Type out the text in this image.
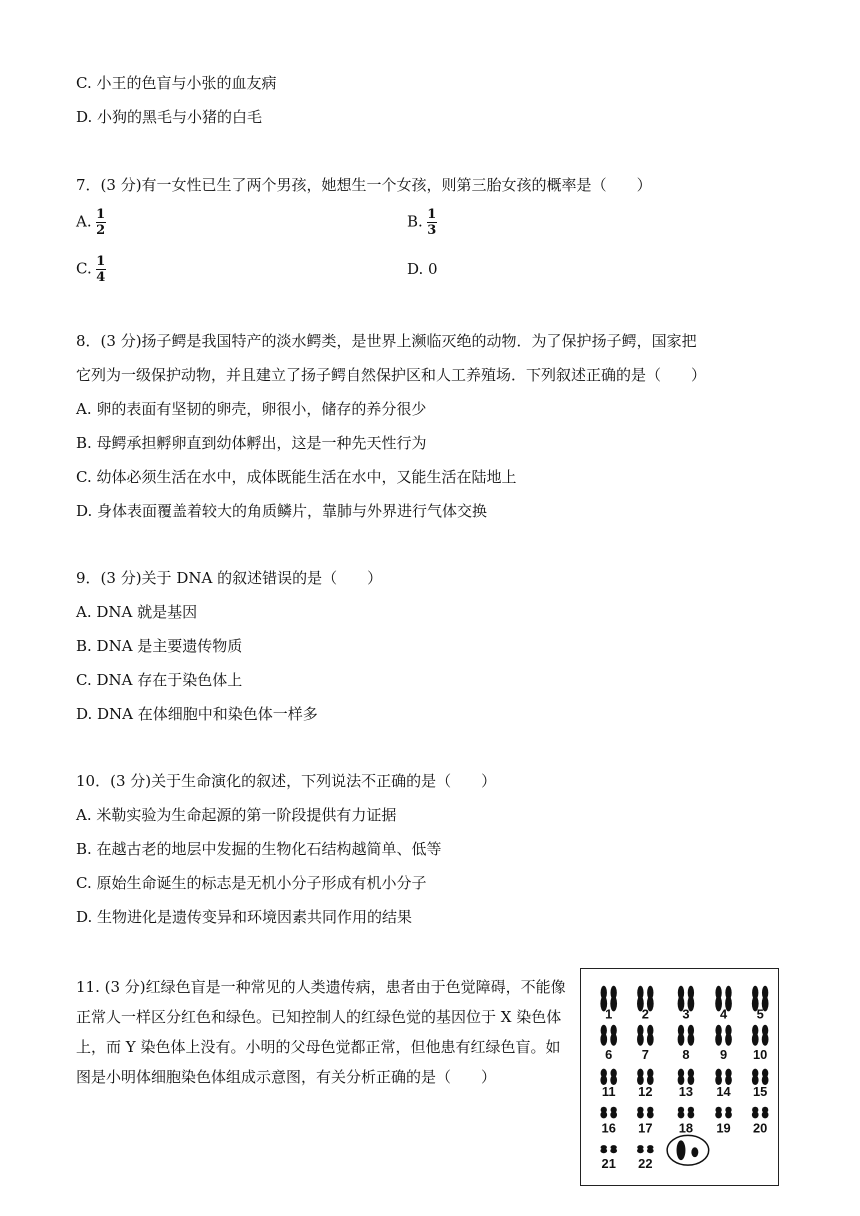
C. 小王的色盲与小张的血友病
D. 小狗的黑毛与小猪的白毛
7．(3 分)有一女性已生了两个男孩，她想生一个女孩，则第三胎女孩的概率是（　　）
A. $\frac{1}{2}$	B. $\frac{1}{3}$
C. $\frac{1}{4}$	D. 0
8．(3 分)扬子鳄是我国特产的淡水鳄类，是世界上濒临灭绝的动物．为了保护扬子鳄，国家把
它列为一级保护动物，并且建立了扬子鳄自然保护区和人工养殖场．下列叙述正确的是（　　）
A. 卵的表面有坚韧的卵壳，卵很小，储存的养分很少
B. 母鳄承担孵卵直到幼体孵出，这是一种先天性行为
C. 幼体必须生活在水中，成体既能生活在水中，又能生活在陆地上
D. 身体表面覆盖着较大的角质鳞片，靠肺与外界进行气体交换
9．(3 分)关于 DNA 的叙述错误的是（　　）
A. DNA 就是基因
B. DNA 是主要遗传物质
C. DNA 存在于染色体上
D. DNA 在体细胞中和染色体一样多
10．(3 分)关于生命演化的叙述，下列说法不正确的是（　　）
A. 米勒实验为生命起源的第一阶段提供有力证据
B. 在越古老的地层中发掘的生物化石结构越简单、低等
C. 原始生命诞生的标志是无机小分子形成有机小分子
D. 生物进化是遗传变异和环境因素共同作用的结果
11. (3 分)红绿色盲是一种常见的人类遗传病，患者由于色觉障碍，不能像正常人一样区分红色和绿色。已知控制人的红绿色觉的基因位于 X 染色体上，而 Y 染色体上没有。小明的父母色觉都正常，但他患有红绿色盲。如图是小明体细胞染色体组成示意图，有关分析正确的是（　　）
1 2	3 4 5
6 7	8 9 10
11 12 13 14 15
16 17 18 19 20
21 22
